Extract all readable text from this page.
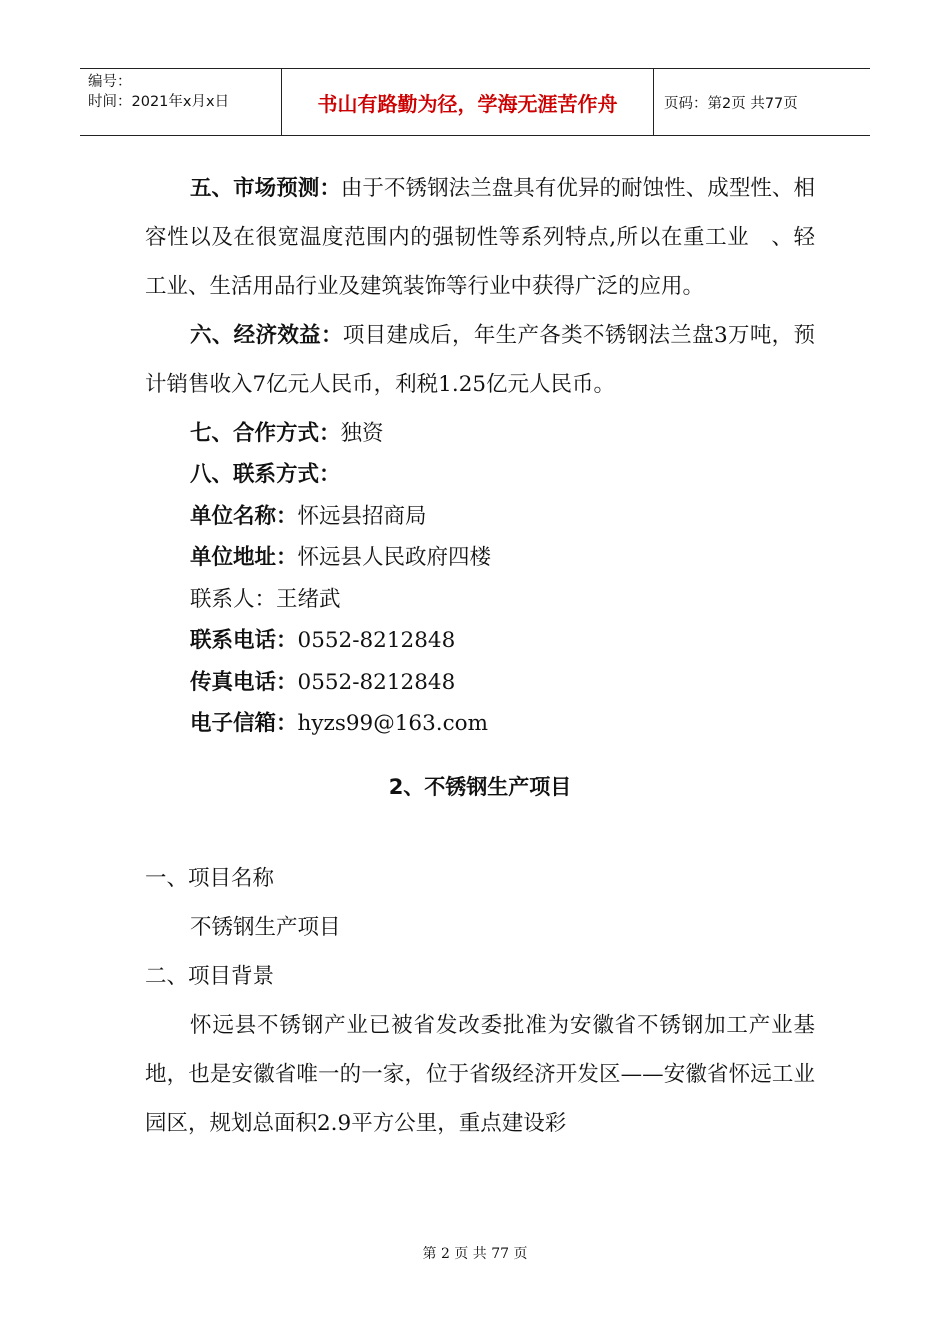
编号：
时间：2021年x月x日	书山有路勤为径，学海无涯苦作舟	页码：第2页 共77页

五、市场预测：由于不锈钢法兰盘具有优异的耐蚀性、成型性、相容性以及在很宽温度范围内的强韧性等系列特点,所以在重工业　、轻工业、生活用品行业及建筑装饰等行业中获得广泛的应用。

六、经济效益：项目建成后，年生产各类不锈钢法兰盘3万吨，预计销售收入7亿元人民币，利税1.25亿元人民币。

七、合作方式：独资

八、联系方式：

单位名称：怀远县招商局

单位地址：怀远县人民政府四楼

联系人：王绪武

联系电话：0552-8212848

传真电话：0552-8212848

电子信箱：hyzs99@163.com

2、不锈钢生产项目

一、项目名称

不锈钢生产项目

二、项目背景

怀远县不锈钢产业已被省发改委批准为安徽省不锈钢加工产业基地，也是安徽省唯一的一家，位于省级经济开发区——安徽省怀远工业园区，规划总面积2.9平方公里，重点建设彩

第 2 页 共 77 页
